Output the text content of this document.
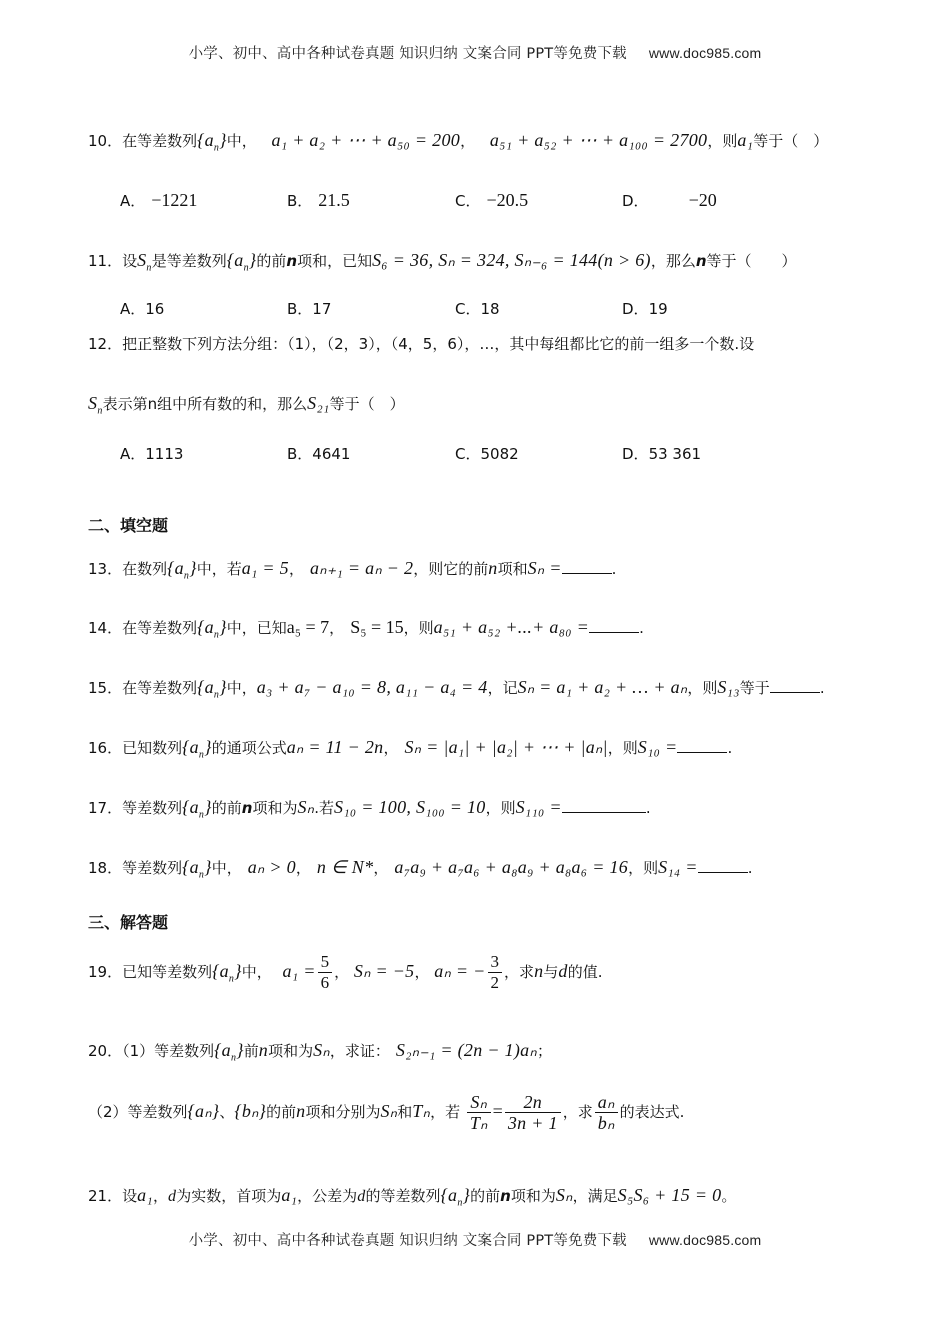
小学、初中、高中各种试卷真题 知识归纳 文案合同 PPT等免费下载 www.doc985.com
10．在等差数列$\{a_n\}$中， a₁ + a₂ + ⋯ + a₅₀ = 200， a₅₁ + a₅₂ + ⋯ + a₁₀₀ = 2700，则a₁等于（　）
A． −1221	B． 21.5	C． −20.5	D． −20
11．设$S_n$是等差数列$\{a_n\}$的前n项和，已知S₆ = 36, Sₙ = 324, Sₙ₋₆ = 144(n > 6)，那么n等于（　　）
A．16	B．17	C．18	D．19
12．把正整数下列方法分组：（1），（2，3），（4，5，6），…，其中每组都比它的前一组多一个数.设
$S_n$表示第n组中所有数的和，那么S₂₁等于（　）
A．1113	B．4641	C．5082	D．53 361
二、填空题
13．在数列$\{a_n\}$中，若a₁ = 5， aₙ₊₁ = aₙ − 2，则它的前n项和Sₙ =	.
14．在等差数列$\{a_n\}$中，已知a₅ = 7， S₅ = 15，则a₅₁ + a₅₂ +...+ a₈₀ =	.
15．在等差数列$\{a_n\}$中，a₃ + a₇ − a₁₀ = 8, a₁₁ − a₄ = 4，记Sₙ = a₁ + a₂ + … + aₙ，则S₁₃等于	.
16．已知数列$\{a_n\}$的通项公式aₙ = 11 − 2n， Sₙ = |a₁| + |a₂| + ⋯ + |aₙ|，则S₁₀ =	.
17．等差数列$\{a_n\}$的前n项和为Sₙ.若S₁₀ = 100, S₁₀₀ = 10，则S₁₁₀ =	.
18．等差数列$\{a_n\}$中， aₙ > 0， n ∈ N*， a₇a₉ + a₇a₆ + a₈a₉ + a₈a₆ = 16，则S₁₄ =	.
三、解答题
19．已知等差数列$\{a_n\}$中， $a_1 = \frac{5}{6}$ ， Sₙ = −5， aₙ = − $\frac{3}{2}$ ，求n与d的值.
20．（1）等差数列$\{a_n\}$前n项和为Sₙ，求证： S₂ₙ₋₁ = (2n − 1)aₙ；
（2）等差数列{aₙ}、{bₙ}的前n项和分别为Sₙ和Tₙ，若 $\frac{\text{Sₙ}}{\text{Tₙ}} = \frac{2n}{3n + 1}$ ，求 $\frac{\text{aₙ}}{\text{bₙ}}$ 的表达式.
21．设a₁，d为实数，首项为a₁，公差为d的等差数列$\{a_n\}$的前n项和为Sₙ，满足S₅S₆ + 15 = 0。
小学、初中、高中各种试卷真题 知识归纳 文案合同 PPT等免费下载 www.doc985.com
